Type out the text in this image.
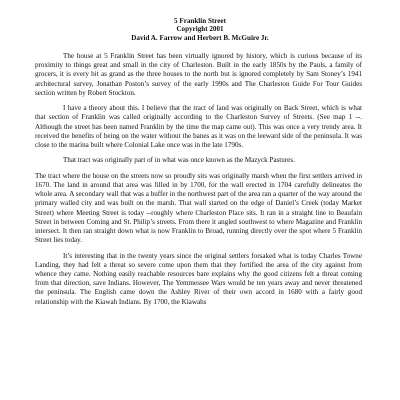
5 Franklin Street
Copyright 2001
David A. Farrow and Herbert B. McGuire Jr.

The house at 5 Franklin Street has been virtually ignored by history, which is curious because of its proximity to things great and small in the city of Charleston. Built in the early 1850s by the Pauls, a family of grocers, it is every bit as grand as the three houses to the north but is ignored completely by Sam Stoney’s 1941 architectural survey, Jonathan Poston’s survey of the early 1990s and The Charleston Guide For Tour Guides section written by Robert Stockton.

I have a theory about this. I believe that the tract of land was originally on Back Street, which is what that section of Franklin was called originally according to the Charleston Survey of Streets. (See map 1 --. Although the street has been named Franklin by the time the map came out). This was once a very trendy area. It received the benefits of being on the water without the banes as it was on the leeward side of the peninsula. It was close to the marina built where Colonial Lake once was in the late 1790s.

That tract was originally part of in what was once known as the Mazyck Pastures.

The tract where the house on the streets now so proudly sits was originally marsh when the first settlers arrived in 1670. The land in around that area was filled in by 1700, for the wall erected in 1704 carefully delineates the whole area. A secondary wall that was a buffer in the northwest part of the area ran a quarter of the way around the primary walled city and was built on the marsh. That wall started on the edge of Daniel’s Creek (today Market Street) where Meeting Street is today --roughly where Charleston Place sits. It ran in a straight line to Beaufain Street in between Coming and St. Philip’s streets. From there it angled southwest to where Magazine and Franklin intersect. It then ran straight down what is now Franklin to Broad, running directly over the spot where 5 Franklin Street lies today.

It’s interesting that in the twenty years since the original settlers forsaked what is today Charles Towne Landing, they had felt a threat so severe come upon them that they fortified the area of the city against from whence they came. Nothing easily reachable resources bare explains why the good citizens felt a threat coming from that direction, save Indians. However, The Yemmessee Wars would be ten years away and never threatened the peninsula. The English came down the Ashley River of their own accord in 1680 with a fairly good relationship with the Kiawah Indians. By 1700, the Kiawahs
